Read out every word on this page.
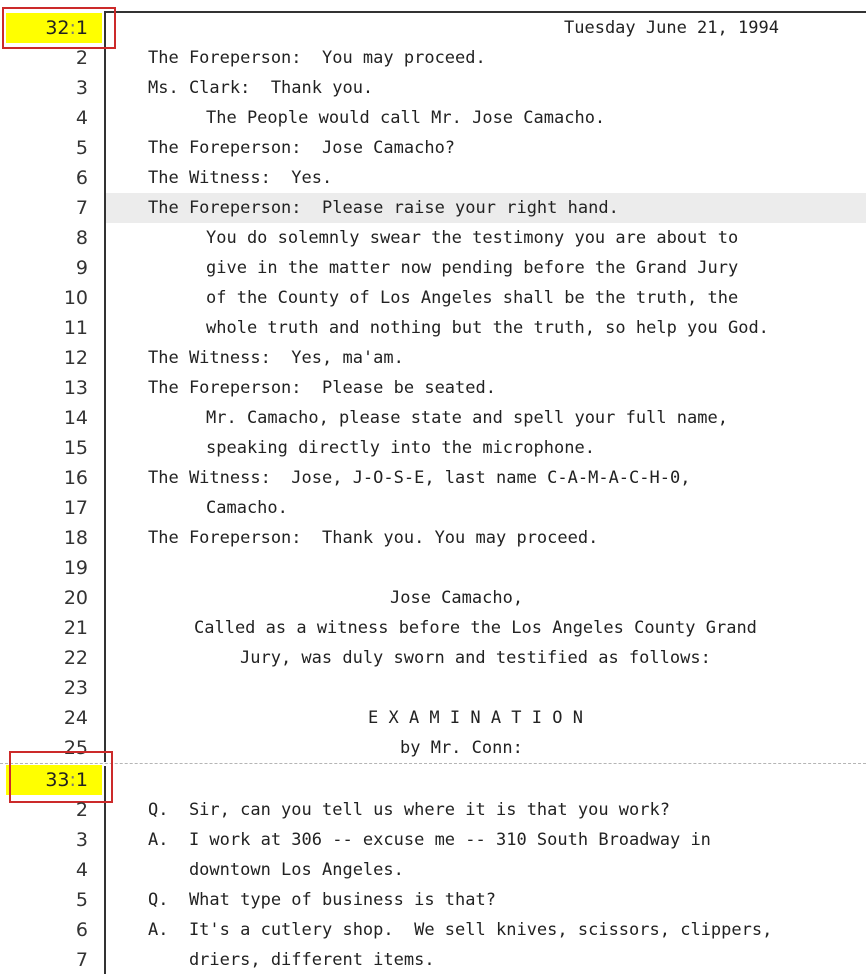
32:1	Tuesday June 21, 1994
2	The Foreperson:  You may proceed.
3	Ms. Clark:  Thank you.
4	The People would call Mr. Jose Camacho.
5	The Foreperson:  Jose Camacho?
6	The Witness:  Yes.
7	The Foreperson:  Please raise your right hand.
8	You do solemnly swear the testimony you are about to
9	give in the matter now pending before the Grand Jury
10	of the County of Los Angeles shall be the truth, the
11	whole truth and nothing but the truth, so help you God.
12	The Witness:  Yes, ma'am.
13	The Foreperson:  Please be seated.
14	Mr. Camacho, please state and spell your full name,
15	speaking directly into the microphone.
16	The Witness:  Jose, J-O-S-E, last name C-A-M-A-C-H-0,
17	Camacho.
18	The Foreperson:  Thank you. You may proceed.
19
20	Jose Camacho,
21	Called as a witness before the Los Angeles County Grand
22	Jury, was duly sworn and testified as follows:
23
24	E X A M I N A T I O N
25	by Mr. Conn:
33:1
2	Q.  Sir, can you tell us where it is that you work?
3	A.  I work at 306 -- excuse me -- 310 South Broadway in
4	downtown Los Angeles.
5	Q.  What type of business is that?
6	A.  It's a cutlery shop.  We sell knives, scissors, clippers,
7	driers, different items.
